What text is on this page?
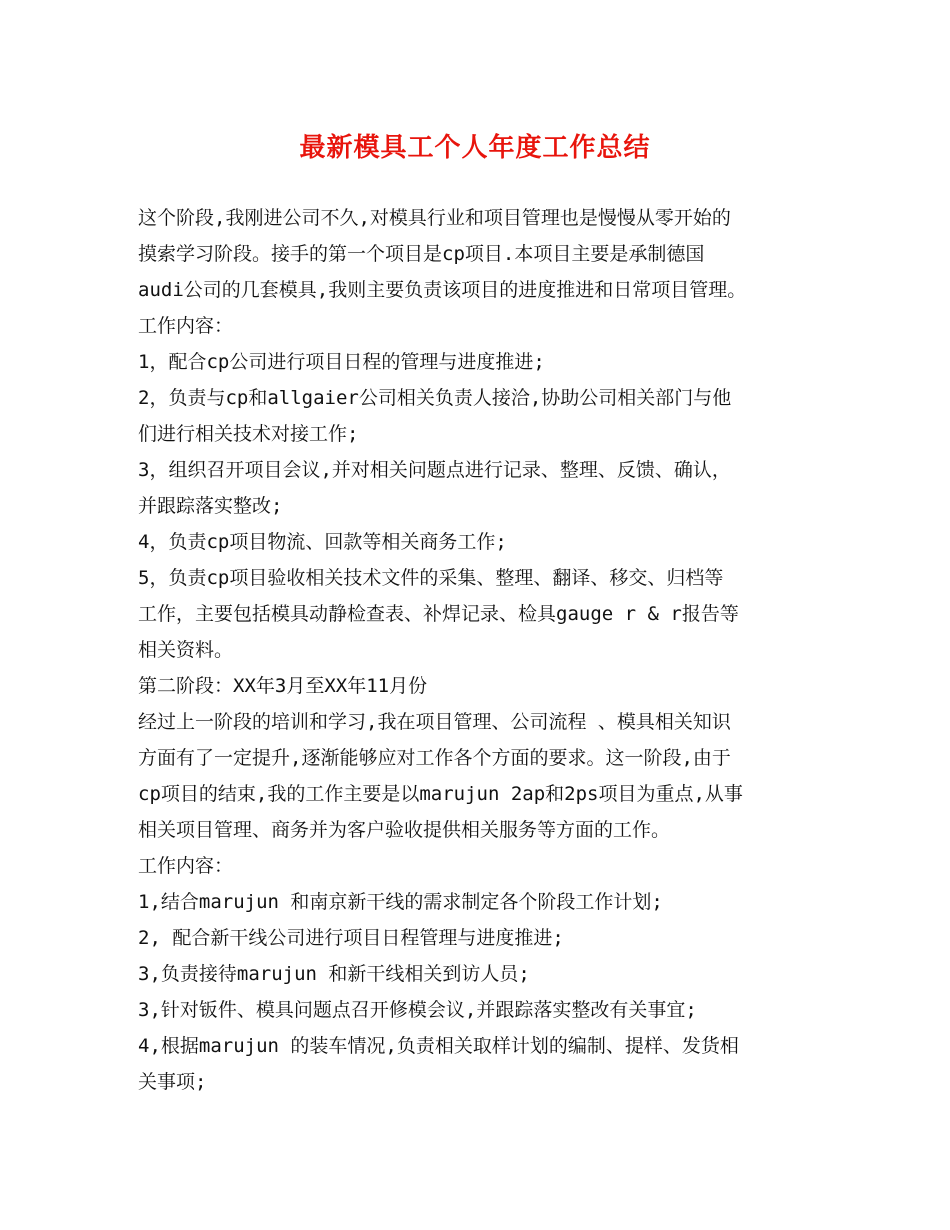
最新模具工个人年度工作总结
这个阶段,我刚进公司不久,对模具行业和项目管理也是慢慢从零开始的
摸索学习阶段。接手的第一个项目是cp项目.本项目主要是承制德国
audi公司的几套模具,我则主要负责该项目的进度推进和日常项目管理。
工作内容：
1，配合cp公司进行项目日程的管理与进度推进;
2，负责与cp和allgaier公司相关负责人接洽,协助公司相关部门与他
们进行相关技术对接工作;
3，组织召开项目会议,并对相关问题点进行记录、整理、反馈、确认，
并跟踪落实整改;
4，负责cp项目物流、回款等相关商务工作;
5，负责cp项目验收相关技术文件的采集、整理、翻译、移交、归档等
工作，主要包括模具动静检查表、补焊记录、检具gauge r & r报告等
相关资料。
第二阶段：XX年3月至XX年11月份
经过上一阶段的培训和学习,我在项目管理、公司流程 、模具相关知识
方面有了一定提升,逐渐能够应对工作各个方面的要求。这一阶段,由于
cp项目的结束,我的工作主要是以marujun 2ap和2ps项目为重点,从事
相关项目管理、商务并为客户验收提供相关服务等方面的工作。
工作内容：
1,结合marujun 和南京新干线的需求制定各个阶段工作计划;
2, 配合新干线公司进行项目日程管理与进度推进;
3,负责接待marujun 和新干线相关到访人员;
3,针对钣件、模具问题点召开修模会议,并跟踪落实整改有关事宜;
4,根据marujun 的装车情况,负责相关取样计划的编制、提样、发货相
关事项;
